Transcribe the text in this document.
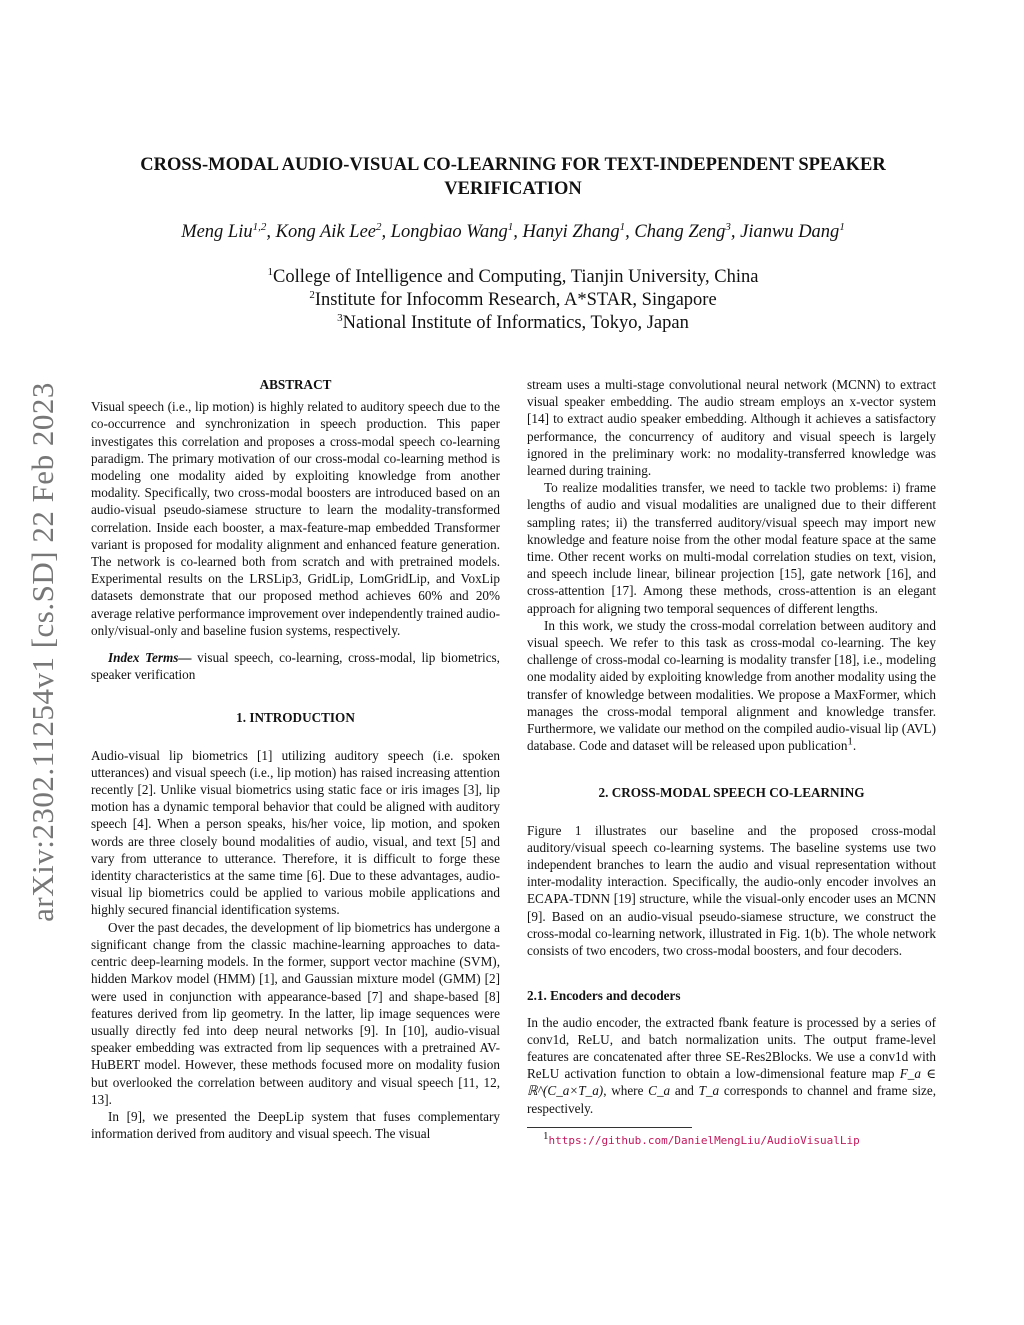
arXiv:2302.11254v1 [cs.SD] 22 Feb 2023
CROSS-MODAL AUDIO-VISUAL CO-LEARNING FOR TEXT-INDEPENDENT SPEAKER
VERIFICATION
Meng Liu$^{1,2}$, Kong Aik Lee$^2$, Longbiao Wang$^1$, Hanyi Zhang$^1$, Chang Zeng$^3$, Jianwu Dang$^1$
$^1$College of Intelligence and Computing, Tianjin University, China
$^2$Institute for Infocomm Research, A*STAR, Singapore
$^3$National Institute of Informatics, Tokyo, Japan
ABSTRACT

Visual speech (i.e., lip motion) is highly related to auditory speech due to the co-occurrence and synchronization in speech production. This paper investigates this correlation and proposes a cross-modal speech co-learning paradigm. The primary motivation of our cross-modal co-learning method is modeling one modality aided by exploiting knowledge from another modality. Specifically, two cross-modal boosters are introduced based on an audio-visual pseudo-siamese structure to learn the modality-transformed correlation. Inside each booster, a max-feature-map embedded Transformer variant is proposed for modality alignment and enhanced feature generation. The network is co-learned both from scratch and with pretrained models. Experimental results on the LRSLip3, GridLip, LomGridLip, and VoxLip datasets demonstrate that our proposed method achieves 60% and 20% average relative performance improvement over independently trained audio-only/visual-only and baseline fusion systems, respectively.

Index Terms— visual speech, co-learning, cross-modal, lip biometrics, speaker verification

1. INTRODUCTION

Audio-visual lip biometrics [1] utilizing auditory speech (i.e. spoken utterances) and visual speech (i.e., lip motion) has raised increasing attention recently [2]. Unlike visual biometrics using static face or iris images [3], lip motion has a dynamic temporal behavior that could be aligned with auditory speech [4]. When a person speaks, his/her voice, lip motion, and spoken words are three closely bound modalities of audio, visual, and text [5] and vary from utterance to utterance. Therefore, it is difficult to forge these identity characteristics at the same time [6]. Due to these advantages, audio-visual lip biometrics could be applied to various mobile applications and highly secured financial identification systems.

Over the past decades, the development of lip biometrics has undergone a significant change from the classic machine-learning approaches to data-centric deep-learning models. In the former, support vector machine (SVM), hidden Markov model (HMM) [1], and Gaussian mixture model (GMM) [2] were used in conjunction with appearance-based [7] and shape-based [8] features derived from lip geometry. In the latter, lip image sequences were usually directly fed into deep neural networks [9]. In [10], audio-visual speaker embedding was extracted from lip sequences with a pretrained AV-HuBERT model. However, these methods focused more on modality fusion but overlooked the correlation between auditory and visual speech [11, 12, 13].

In [9], we presented the DeepLip system that fuses complementary information derived from auditory and visual speech. The visual

stream uses a multi-stage convolutional neural network (MCNN) to extract visual speaker embedding. The audio stream employs an x-vector system [14] to extract audio speaker embedding. Although it achieves a satisfactory performance, the concurrency of auditory and visual speech is largely ignored in the preliminary work: no modality-transferred knowledge was learned during training.

To realize modalities transfer, we need to tackle two problems: i) frame lengths of audio and visual modalities are unaligned due to their different sampling rates; ii) the transferred auditory/visual speech may import new knowledge and feature noise from the other modal feature space at the same time. Other recent works on multi-modal correlation studies on text, vision, and speech include linear, bilinear projection [15], gate network [16], and cross-attention [17]. Among these methods, cross-attention is an elegant approach for aligning two temporal sequences of different lengths.

In this work, we study the cross-modal correlation between auditory and visual speech. We refer to this task as cross-modal co-learning. The key challenge of cross-modal co-learning is modality transfer [18], i.e., modeling one modality aided by exploiting knowledge from another modality using the transfer of knowledge between modalities. We propose a MaxFormer, which manages the cross-modal temporal alignment and knowledge transfer. Furthermore, we validate our method on the compiled audio-visual lip (AVL) database. Code and dataset will be released upon publication$^1$.

2. CROSS-MODAL SPEECH CO-LEARNING

Figure 1 illustrates our baseline and the proposed cross-modal auditory/visual speech co-learning systems. The baseline systems use two independent branches to learn the audio and visual representation without inter-modality interaction. Specifically, the audio-only encoder involves an ECAPA-TDNN [19] structure, while the visual-only encoder uses an MCNN [9]. Based on an audio-visual pseudo-siamese structure, we construct the cross-modal co-learning network, illustrated in Fig. 1(b). The whole network consists of two encoders, two cross-modal boosters, and four decoders.

2.1. Encoders and decoders

In the audio encoder, the extracted fbank feature is processed by a series of conv1d, ReLU, and batch normalization units. The output frame-level features are concatenated after three SE-Res2Blocks. We use a conv1d with ReLU activation function to obtain a low-dimensional feature map F_a ∈ ℝ^(C_a×T_a), where C_a and T_a corresponds to channel and frame size, respectively.

$^1$https://github.com/DanielMengLiu/AudioVisualLip
